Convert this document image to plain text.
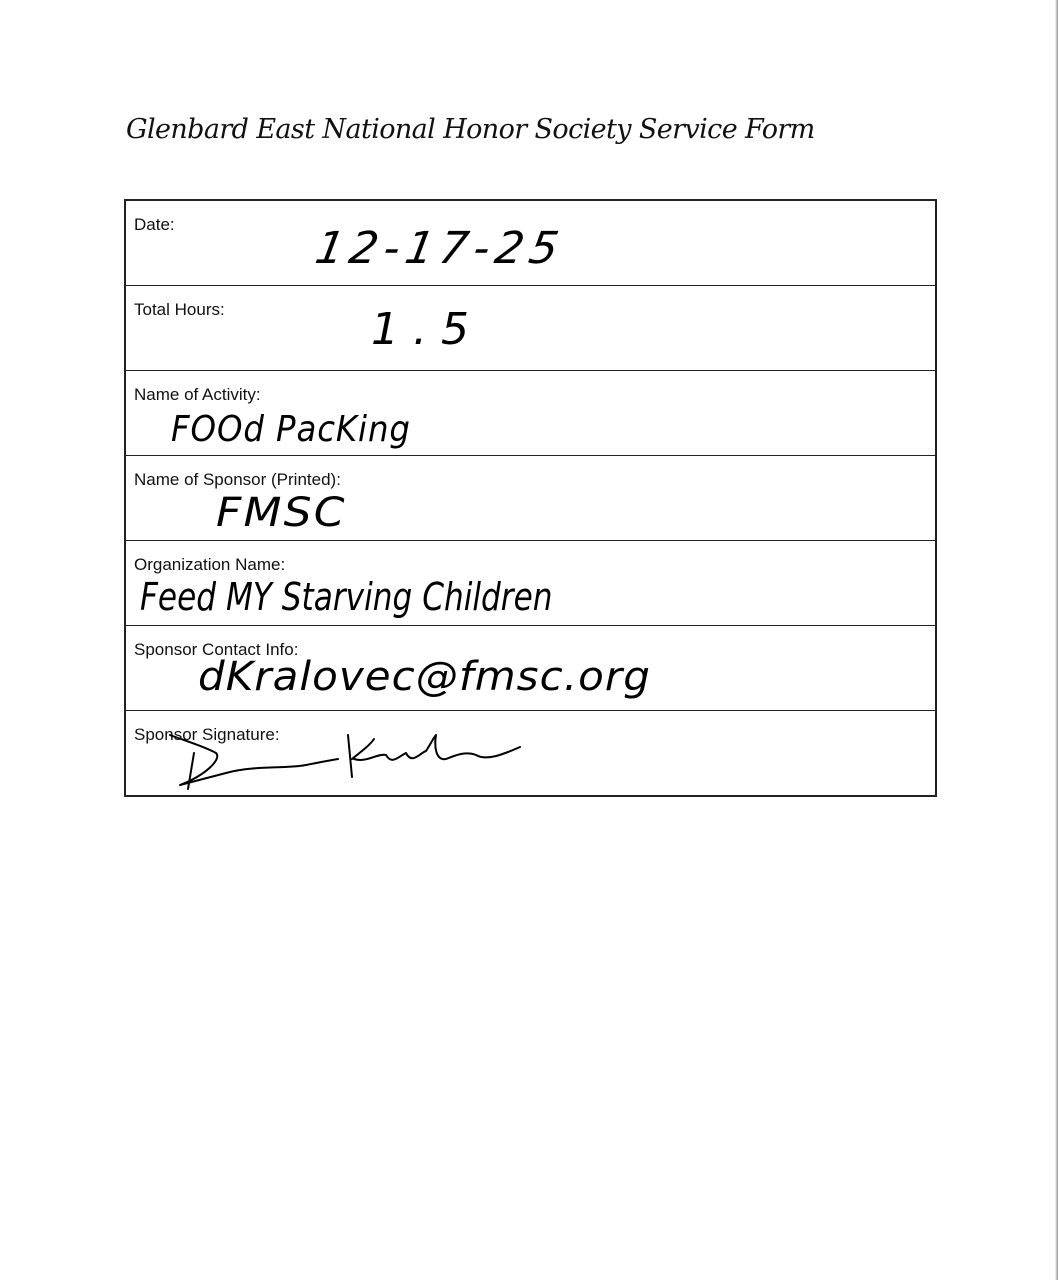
Glenbard East National Honor Society Service Form
Date:	12-17-25
Total Hours:	1.5
Name of Activity:
FOOd PacKing
Name of Sponsor (Printed):
FMSC
Organization Name:
Feed MY Starving Children
Sponsor Contact Info:
dKralovec@fmsc.org
Sponsor Signature:
